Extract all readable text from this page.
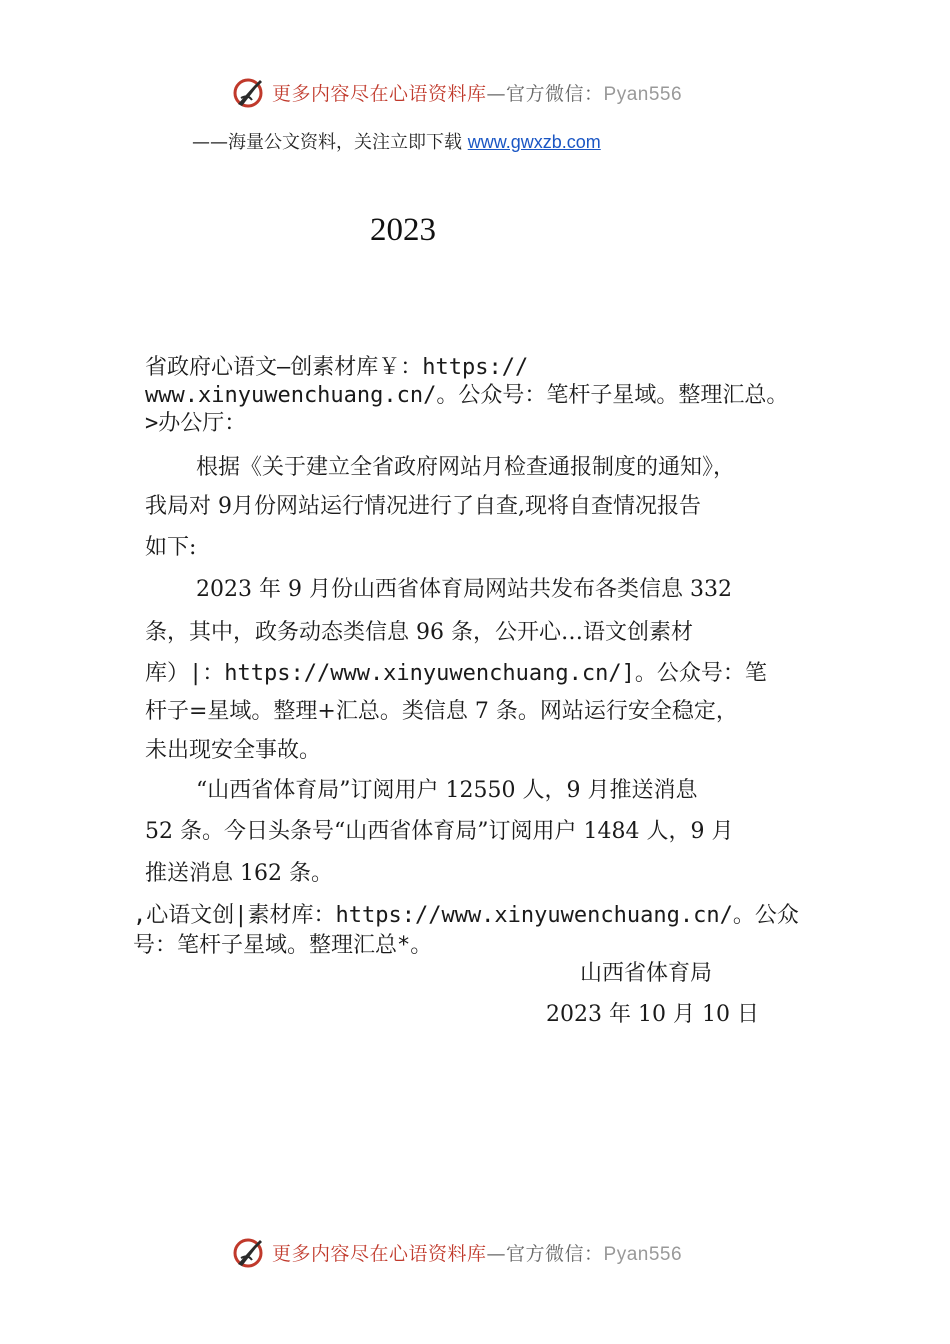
更多内容尽在心语资料库—官方微信：Pyan556
——海量公文资料，关注立即下载 www.gwxzb.com
2023
省政府心语文—创素材库￥：https://
www.xinyuwenchuang.cn/。公众号：笔杆子星域。整理汇总。
>办公厅：
根据《关于建立全省政府网站月检查通报制度的通知》，
我局对 9月份网站运行情况进行了自查,现将自查情况报告
如下:
2023 年 9 月份山西省体育局网站共发布各类信息 332
条，其中，政务动态类信息 96 条，公开心…语文创素材
库）|：https://www.xinyuwenchuang.cn/]。公众号：笔
杆子=星域。整理+汇总。类信息 7 条。网站运行安全稳定，
未出现安全事故。
“山西省体育局”订阅用户 12550 人，9 月推送消息
52 条。今日头条号“山西省体育局”订阅用户 1484 人，9 月
推送消息 162 条。
,心语文创|素材库：https://www.xinyuwenchuang.cn/。公众
号：笔杆子星域。整理汇总*。
山西省体育局
2023 年 10 月 10 日
更多内容尽在心语资料库—官方微信：Pyan556
